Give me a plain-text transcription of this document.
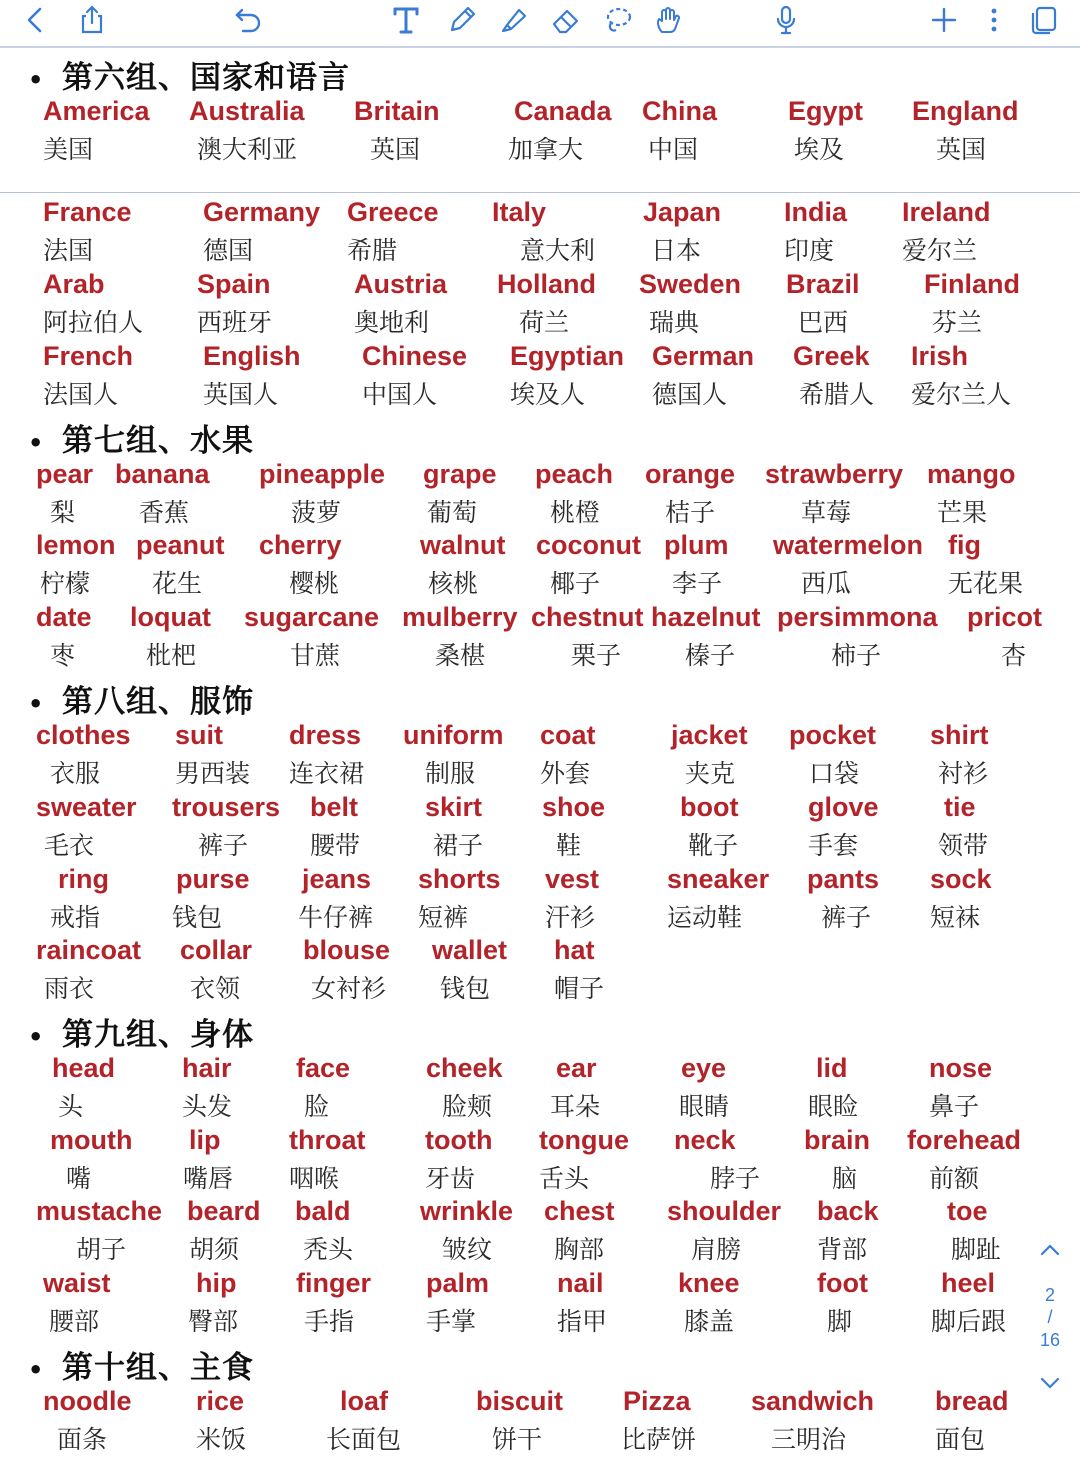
• 第六组、国家和语言
America
美国
Australia
澳大利亚
Britain
英国
Canada
加拿大
China
中国
Egypt
埃及
England
英国
France
法国
Germany
德国
Greece
希腊
Italy
意大利
Japan
日本
India
印度
Ireland
爱尔兰
Arab
阿拉伯人
Spain
西班牙
Austria
奥地利
Holland
荷兰
Sweden
瑞典
Brazil
巴西
Finland
芬兰
French
法国人
English
英国人
Chinese
中国人
Egyptian
埃及人
German
德国人
Greek
希腊人
Irish
爱尔兰人
• 第七组、水果
pear
梨
banana
香蕉
pineapple
菠萝
grape
葡萄
peach
桃橙
orange
桔子
strawberry
草莓
mango
芒果
lemon
柠檬
peanut
花生
cherry
樱桃
walnut
核桃
coconut
椰子
plum
李子
watermelon
西瓜
fig
无花果
date
枣
loquat
枇杷
sugarcane
甘蔗
mulberry
桑椹
chestnut
栗子
hazelnut
榛子
persimmona
柿子
pricot
杏
• 第八组、服饰
clothes
衣服
suit
男西装
dress
连衣裙
uniform
制服
coat
外套
jacket
夹克
pocket
口袋
shirt
衬衫
sweater
毛衣
trousers
裤子
belt
腰带
skirt
裙子
shoe
鞋
boot
靴子
glove
手套
tie
领带
ring
戒指
purse
钱包
jeans
牛仔裤
shorts
短裤
vest
汗衫
sneaker
运动鞋
pants
裤子
sock
短袜
raincoat
雨衣
collar
衣领
blouse
女衬衫
wallet
钱包
hat
帽子
• 第九组、身体
head
头
hair
头发
face
脸
cheek
脸颊
ear
耳朵
eye
眼睛
lid
眼睑
nose
鼻子
mouth
嘴
lip
嘴唇
throat
咽喉
tooth
牙齿
tongue
舌头
neck
脖子
brain
脑
forehead
前额
mustache
胡子
beard
胡须
bald
秃头
wrinkle
皱纹
chest
胸部
shoulder
肩膀
back
背部
toe
脚趾
waist
腰部
hip
臀部
finger
手指
palm
手掌
nail
指甲
knee
膝盖
foot
脚
heel
脚后跟
• 第十组、主食
noodle
面条
rice
米饭
loaf
长面包
biscuit
饼干
Pizza
比萨饼
sandwich
三明治
bread
面包
2
/
16
